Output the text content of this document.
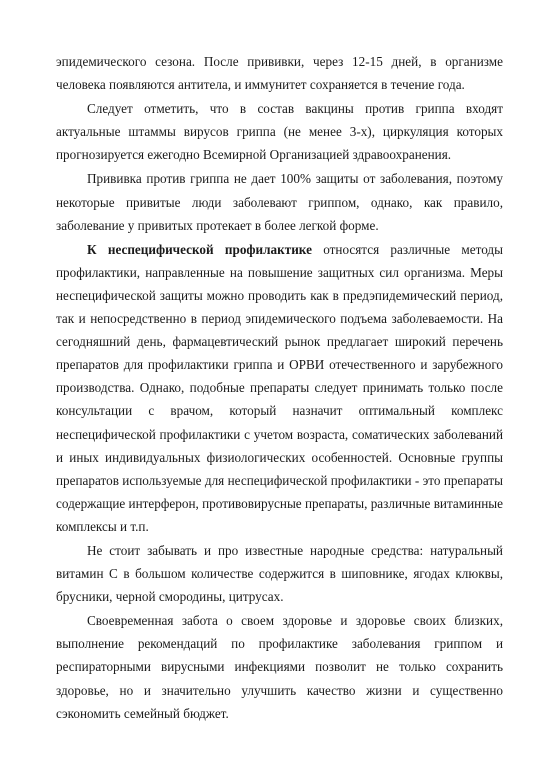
эпидемического сезона. После прививки, через 12-15 дней, в организме человека появляются антитела, и иммунитет сохраняется в течение года.

Следует отметить, что в состав вакцины против гриппа входят актуальные штаммы вирусов гриппа (не менее 3-х), циркуляция которых прогнозируется ежегодно Всемирной Организацией здравоохранения.

Прививка против гриппа не дает 100% защиты от заболевания, поэтому некоторые привитые люди заболевают гриппом, однако, как правило, заболевание у привитых протекает в более легкой форме.

К неспецифической профилактике относятся различные методы профилактики, направленные на повышение защитных сил организма. Меры неспецифической защиты можно проводить как в предэпидемический период, так и непосредственно в период эпидемического подъема заболеваемости. На сегодняшний день, фармацевтический рынок предлагает широкий перечень препаратов для профилактики гриппа и ОРВИ отечественного и зарубежного производства. Однако, подобные препараты следует принимать только после консультации с врачом, который назначит оптимальный комплекс неспецифической профилактики с учетом возраста, соматических заболеваний и иных индивидуальных физиологических особенностей. Основные группы препаратов используемые для неспецифической профилактики - это препараты содержащие интерферон, противовирусные препараты, различные витаминные комплексы и т.п.

Не стоит забывать и про известные народные средства: натуральный витамин С в большом количестве содержится в шиповнике, ягодах клюквы, брусники, черной смородины, цитрусах.

Своевременная забота о своем здоровье и здоровье своих близких, выполнение рекомендаций по профилактике заболевания гриппом и респираторными вирусными инфекциями позволит не только сохранить здоровье, но и значительно улучшить качество жизни и существенно сэкономить семейный бюджет.
